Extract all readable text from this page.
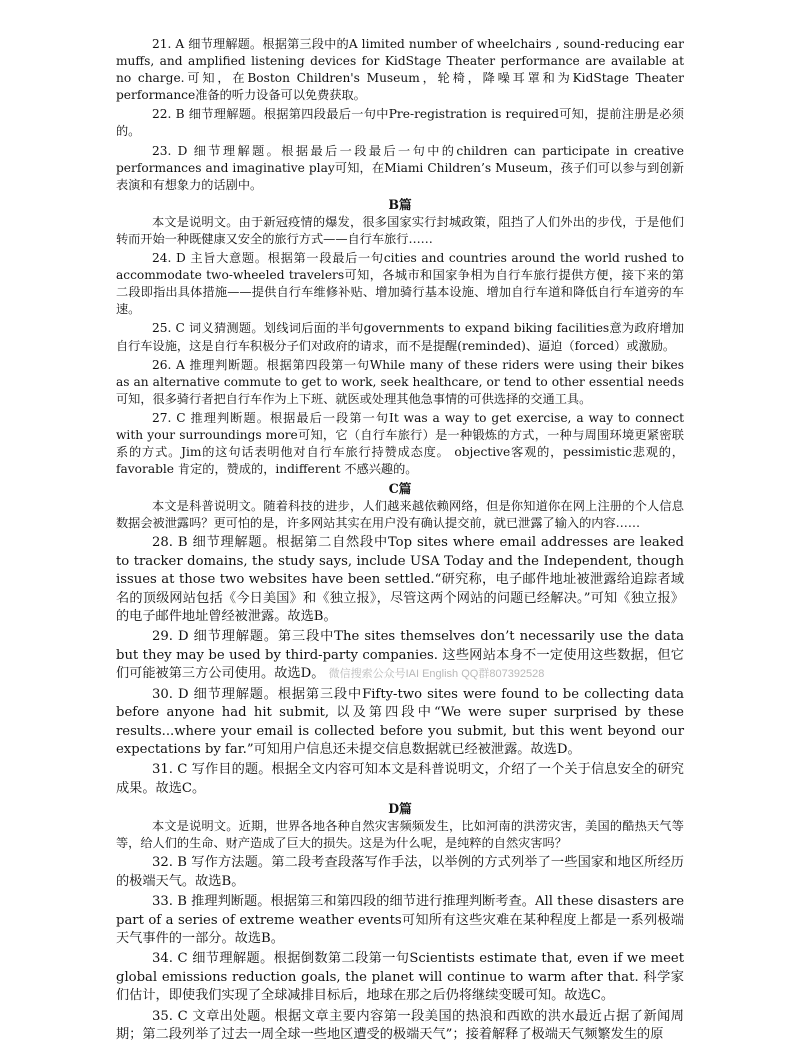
21. A 细节理解题。根据第三段中的A limited number of wheelchairs , sound-reducing ear muffs, and amplified listening devices for KidStage Theater performance are available at no charge.可知，在Boston Children's Museum，轮椅，降噪耳罩和为KidStage Theater performance准备的听力设备可以免费获取。

22. B 细节理解题。根据第四段最后一句中Pre-registration is required可知，提前注册是必须的。

23. D 细节理解题。根据最后一段最后一句中的children can participate in creative performances and imaginative play可知，在Miami Children’s Museum，孩子们可以参与到创新表演和有想象力的话剧中。

B篇

本文是说明文。由于新冠疫情的爆发，很多国家实行封城政策，阻挡了人们外出的步伐，于是他们转而开始一种既健康又安全的旅行方式——自行车旅行……

24. D 主旨大意题。根据第一段最后一句cities and countries around the world rushed to accommodate two-wheeled travelers可知，各城市和国家争相为自行车旅行提供方便，接下来的第二段即指出具体措施——提供自行车维修补贴、增加骑行基本设施、增加自行车道和降低自行车道旁的车速。

25. C 词义猜测题。划线词后面的半句governments to expand biking facilities意为政府增加自行车设施，这是自行车积极分子们对政府的请求，而不是提醒(reminded)、逼迫（forced）或激励。

26. A 推理判断题。根据第四段第一句While many of these riders were using their bikes as an alternative commute to get to work, seek healthcare, or tend to other essential needs可知，很多骑行者把自行车作为上下班、就医或处理其他急事情的可供选择的交通工具。

27. C 推理判断题。根据最后一段第一句It was a way to get exercise, a way to connect with your surroundings more可知，它（自行车旅行）是一种锻炼的方式，一种与周围环境更紧密联系的方式。Jim的这句话表明他对自行车旅行持赞成态度。 objective客观的，pessimistic悲观的，favorable 肯定的，赞成的，indifferent 不感兴趣的。

C篇

本文是科普说明文。随着科技的进步，人们越来越依赖网络，但是你知道你在网上注册的个人信息数据会被泄露吗？更可怕的是，许多网站其实在用户没有确认提交前，就已泄露了输入的内容……

28. B 细节理解题。根据第二自然段中Top sites where email addresses are leaked to tracker domains, the study says, include USA Today and the Independent, though issues at those two websites have been settled.“研究称，电子邮件地址被泄露给追踪者域名的顶级网站包括《今日美国》和《独立报》，尽管这两个网站的问题已经解决。”可知《独立报》的电子邮件地址曾经被泄露。故选B。

29. D 细节理解题。第三段中The sites themselves don’t necessarily use the data but they may be used by third-party companies. 这些网站本身不一定使用这些数据，但它们可能被第三方公司使用。故选D。 微信搜索公众号IAI English QQ群807392528

30. D 细节理解题。根据第三段中Fifty-two sites were found to be collecting data before anyone had hit submit, 以及第四段中“We were super surprised by these results...where your email is collected before you submit, but this went beyond our expectations by far.”可知用户信息还未提交信息数据就已经被泄露。故选D。

31. C 写作目的题。根据全文内容可知本文是科普说明文，介绍了一个关于信息安全的研究成果。故选C。

D篇

本文是说明文。近期，世界各地各种自然灾害频频发生，比如河南的洪涝灾害，美国的酷热天气等等，给人们的生命、财产造成了巨大的损失。这是为什么呢，是纯粹的自然灾害吗？

32. B 写作方法题。第二段考查段落写作手法，以举例的方式列举了一些国家和地区所经历的极端天气。故选B。

33. B 推理判断题。根据第三和第四段的细节进行推理判断考查。All these disasters are part of a series of extreme weather events可知所有这些灾难在某种程度上都是一系列极端天气事件的一部分。故选B。

34. C 细节理解题。根据倒数第二段第一句Scientists estimate that, even if we meet global emissions reduction goals, the planet will continue to warm after that. 科学家们估计，即使我们实现了全球减排目标后，地球在那之后仍将继续变暖可知。故选C。

35. C 文章出处题。根据文章主要内容第一段美国的热浪和西欧的洪水最近占据了新闻周期；第二段列举了过去一周全球一些地区遭受的极端天气”；接着解释了极端天气频繁发生的原
